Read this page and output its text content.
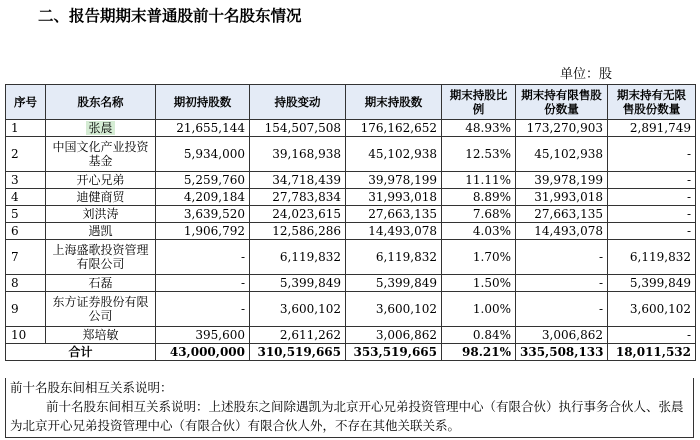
二、报告期期末普通股前十名股东情况
单位：股
序号	股东名称	期初持股数	持股变动	期末持股数	期末持股比例	期末持有限售股份数量	期末持有无限售股份数量
1	张晨	21,655,144	154,507,508	176,162,652	48.93%	173,270,903	2,891,749
2	中国文化产业投资基金	5,934,000	39,168,938	45,102,938	12.53%	45,102,938	-
3	开心兄弟	5,259,760	34,718,439	39,978,199	11.11%	39,978,199	-
4	迪健商贸	4,209,184	27,783,834	31,993,018	8.89%	31,993,018	-
5	刘洪涛	3,639,520	24,023,615	27,663,135	7.68%	27,663,135	-
6	遇凯	1,906,792	12,586,286	14,493,078	4.03%	14,493,078	-
7	上海盛歌投资管理有限公司	-	6,119,832	6,119,832	1.70%	-	6,119,832
8	石磊	-	5,399,849	5,399,849	1.50%	-	5,399,849
9	东方证券股份有限公司	-	3,600,102	3,600,102	1.00%	-	3,600,102
10	郑培敏	395,600	2,611,262	3,006,862	0.84%	3,006,862	-
合计		43,000,000	310,519,665	353,519,665	98.21%	335,508,133	18,011,532
前十名股东间相互关系说明：
前十名股东间相互关系说明：上述股东之间除遇凯为北京开心兄弟投资管理中心（有限合伙）执行事务合伙人、张晨为北京开心兄弟投资管理中心（有限合伙）有限合伙人外，不存在其他关联关系。
